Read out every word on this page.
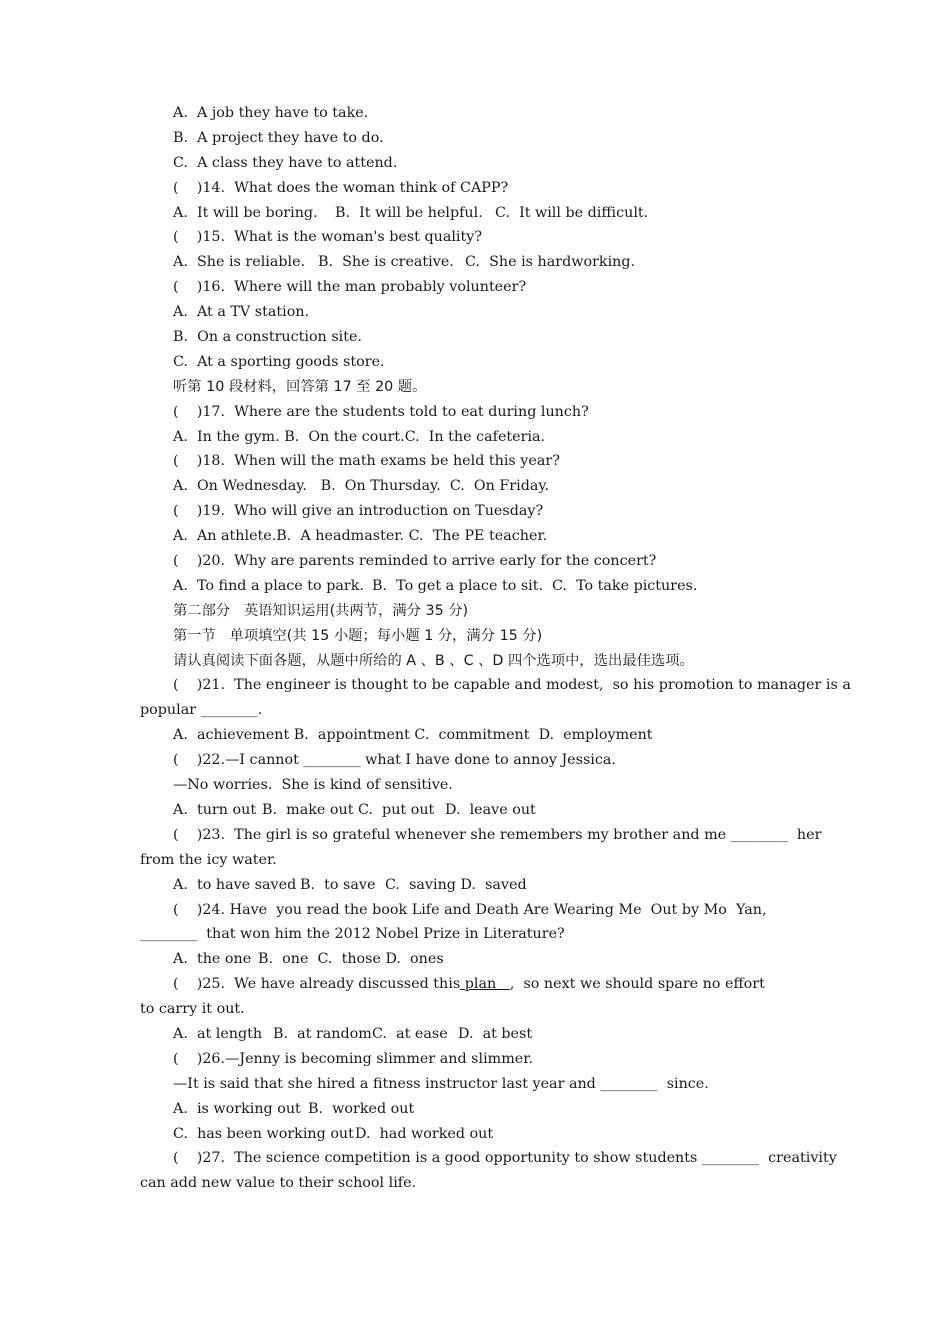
A.  A job they have to take.
B.  A project they have to do.
C.  A class they have to attend.
(    )14.  What does the woman think of CAPP?

A.  It will be boring.

B.  It will be helpful.

C.  It will be difficult.

(    )15.  What is the woman's best quality?

A.  She is reliable.

B.  She is creative.

C.  She is hardworking.

(    )16.  Where will the man probably volunteer?
A.  At a TV station.
B.  On a construction site.
C.  At a sporting goods store.
听第 10 段材料，回答第 17 至 20 题。
(    )17.  Where are the students told to eat during lunch?
A.  In the gym. B.  On the court.C.  In the cafeteria.
(    )18.  When will the math exams be held this year?
A.  On Wednesday.   B.  On Thursday.  C.  On Friday.
(    )19.  Who will give an introduction on Tuesday?
A.  An athlete.B.  A headmaster. C.  The PE teacher.
(    )20.  Why are parents reminded to arrive early for the concert?

A.  To find a place to park.

B.  To get a place to sit.

C.  To take pictures.

第二部分   英语知识运用(共两节，满分 35 分)
第一节   单项填空(共 15 小题；每小题 1 分，满分 15 分)
请认真阅读下面各题，从题中所给的 A 、B 、C 、D 四个选项中，选出最佳选项。
(    )21.  The engineer is thought to be capable and modest,  so his promotion to manager is a
popular ________.
A.  achievement B.  appointment C.  commitment  D.  employment
(    )22.—I cannot ________ what I have done to annoy Jessica.
—No worries.  She is kind of sensitive.

A.  turn out

B.  make out C.  put out

D.  leave out

(    )23.  The girl is so grateful whenever she remembers my brother and me ________  her
from the icy water.

A.  to have saved

B.  to save

C.  saving D.  saved

(    )24. Have  you read the book Life and Death Are Wearing Me  Out by Mo  Yan,
________  that won him the 2012 Nobel Prize in Literature?

A.  the one

B.  one  C.  those D.  ones

(    )25.  We have already discussed this plan   ,  so next we should spare no effort
to carry it out.

A.  at length

B.  at random

C.  at ease

D.  at best

(    )26.—Jenny is becoming slimmer and slimmer.
—It is said that she hired a fitness instructor last year and ________  since.

A.  is working out

B.  worked out

C.  has been working out

D.  had worked out

(    )27.  The science competition is a good opportunity to show students ________  creativity
can add new value to their school life.
